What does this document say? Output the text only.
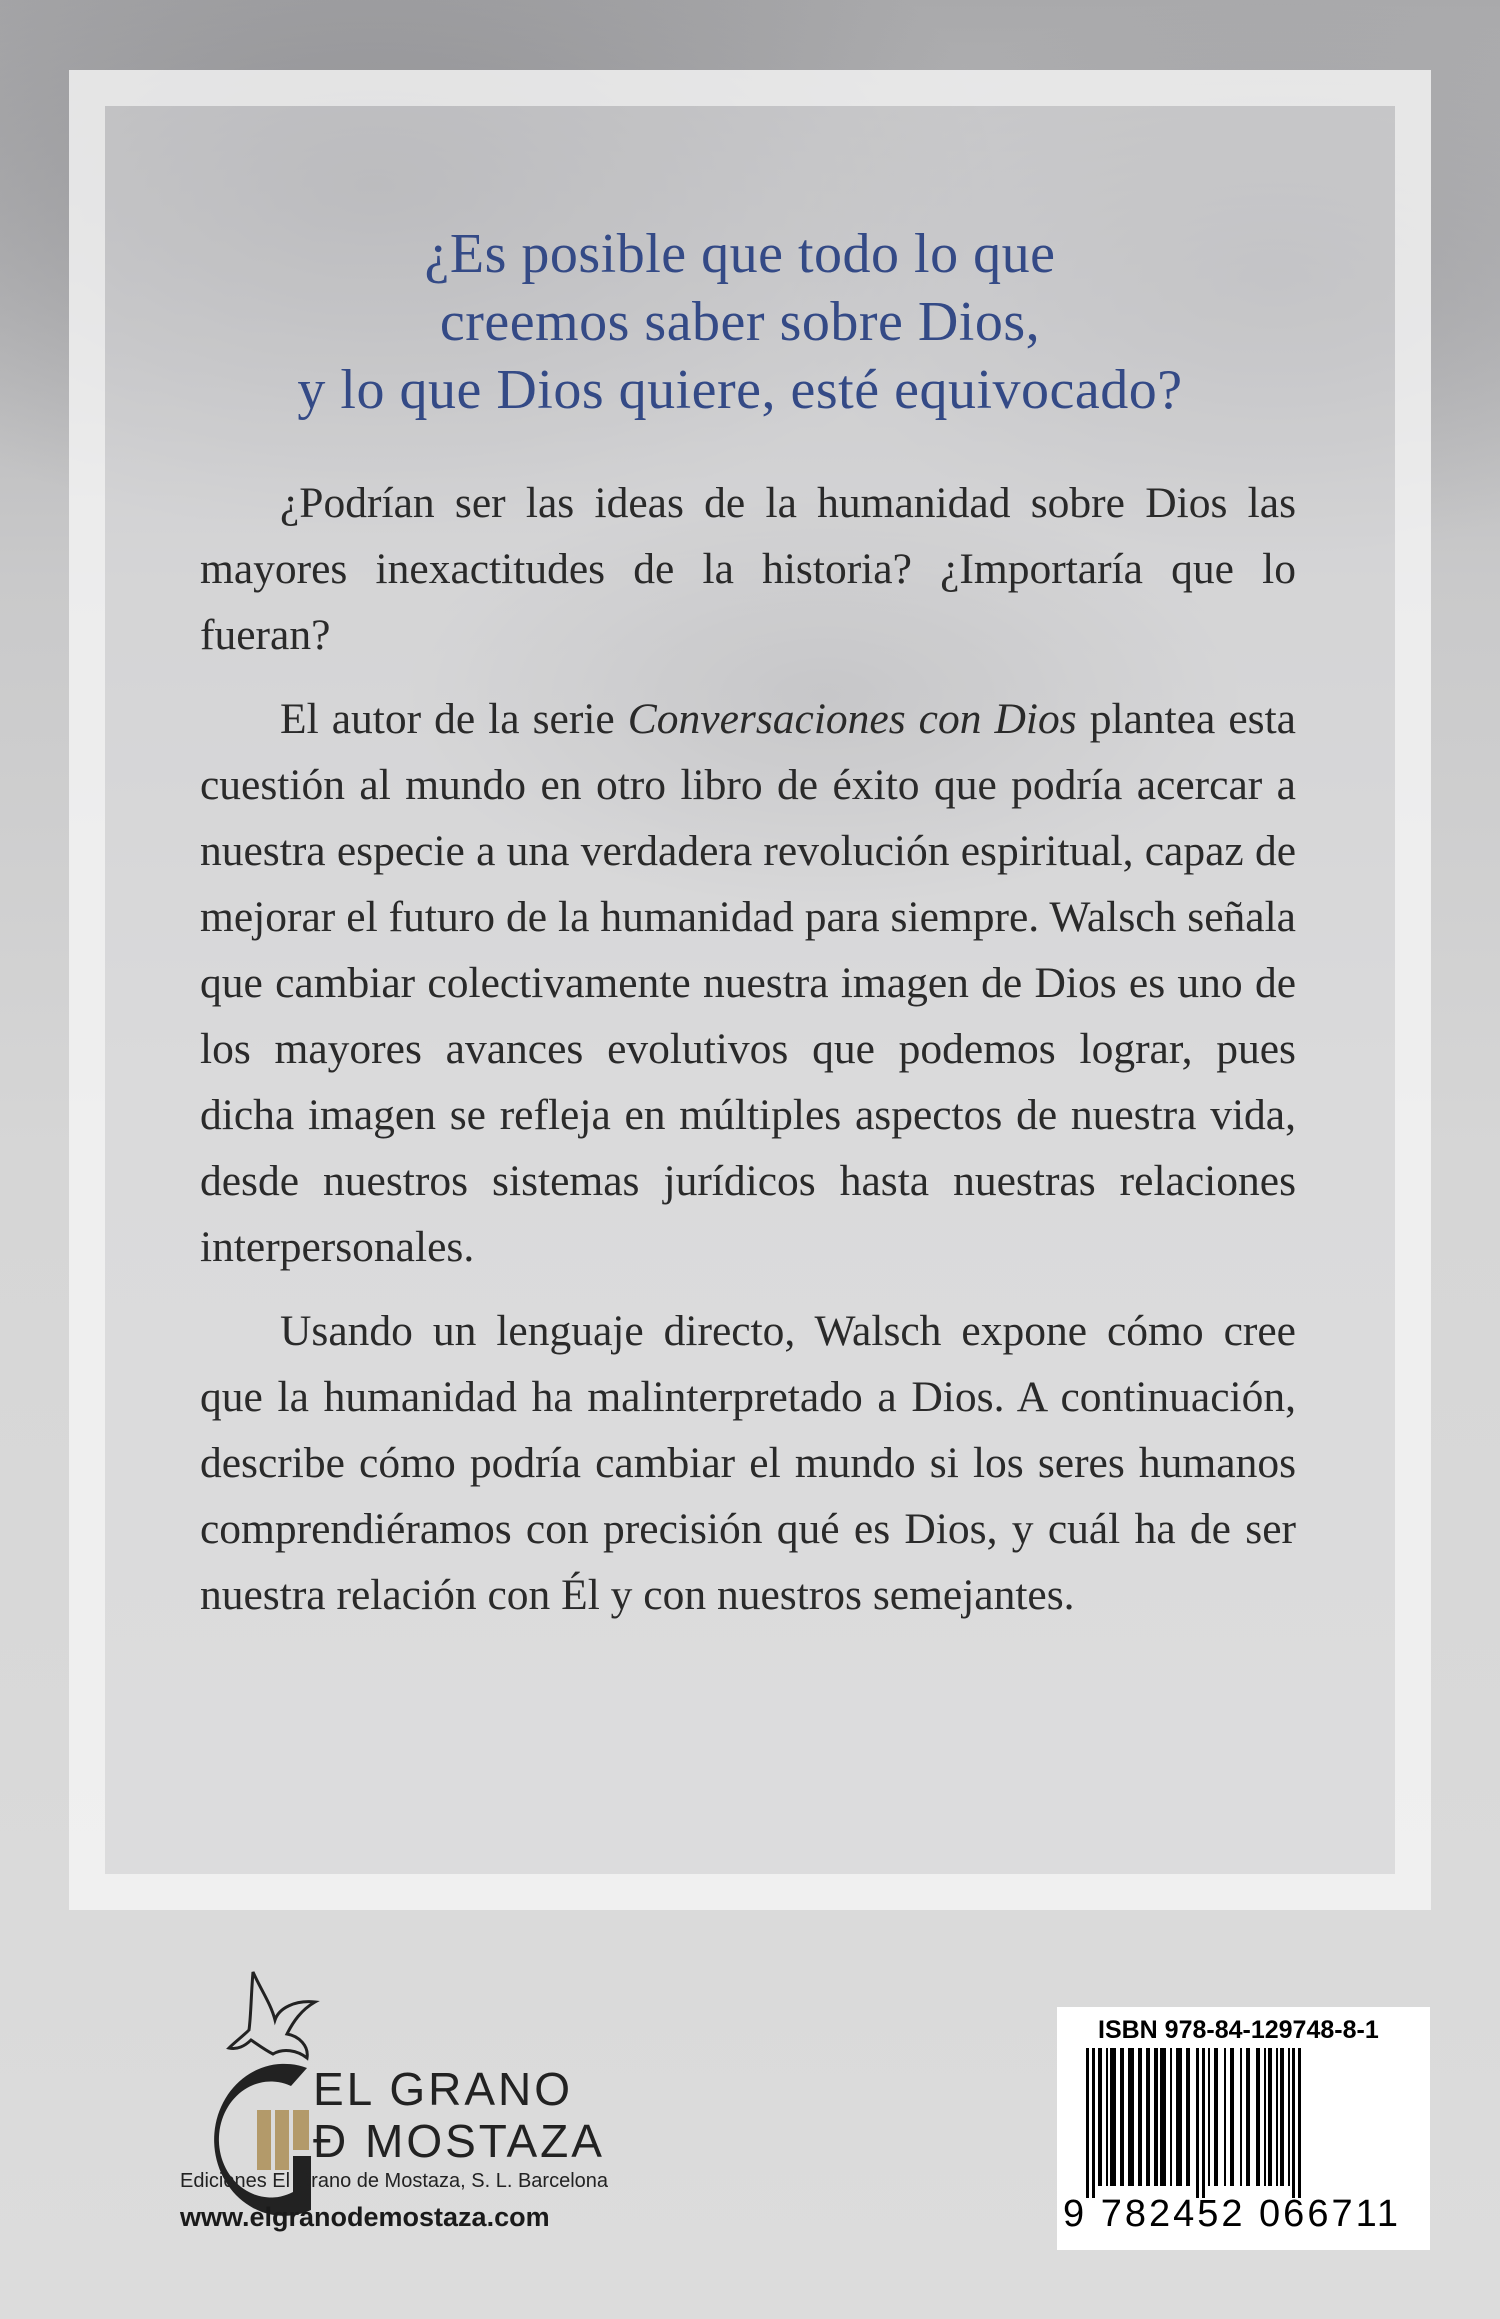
¿Es posible que todo lo que
creemos saber sobre Dios,
y lo que Dios quiere, esté equivocado?

¿Podrían ser las ideas de la humanidad sobre Dios las mayores inexactitudes de la historia? ¿Importaría que lo fueran?

El autor de la serie Conversaciones con Dios plantea esta cuestión al mundo en otro libro de éxito que podría acercar a nuestra especie a una verdadera revolución espiritual, capaz de mejorar el futuro de la humanidad para siempre. Walsch señala que cambiar colectivamente nuestra imagen de Dios es uno de los mayores avances evolutivos que podemos lograr, pues dicha imagen se refleja en múltiples aspectos de nuestra vida, desde nuestros sistemas jurídicos hasta nuestras relaciones interpersonales.

Usando un lenguaje directo, Walsch expone cómo cree que la humanidad ha malinterpretado a Dios. A continuación, describe cómo podría cambiar el mundo si los seres humanos comprendiéramos con precisión qué es Dios, y cuál ha de ser nuestra relación con Él y con nuestros semejantes.

EL GRANO
Đ MOSTAZA
Ediciones El Grano de Mostaza, S. L. Barcelona
www.elgranodemostaza.com
ISBN 978-84-129748-8-1
9 782452 066711
